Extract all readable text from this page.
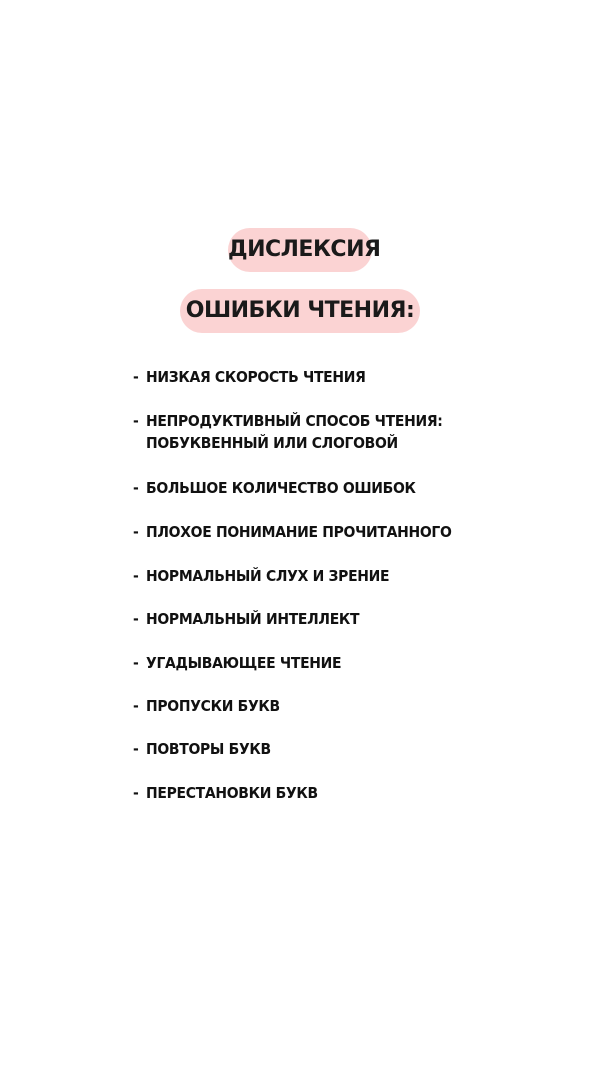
ДИСЛЕКСИЯ
ОШИБКИ ЧТЕНИЯ:
- НИЗКАЯ СКОРОСТЬ ЧТЕНИЯ
- НЕПРОДУКТИВНЫЙ СПОСОБ ЧТЕНИЯ:
ПОБУКВЕННЫЙ ИЛИ СЛОГОВОЙ
- БОЛЬШОЕ КОЛИЧЕСТВО ОШИБОК
- ПЛОХОЕ ПОНИМАНИЕ ПРОЧИТАННОГО
- НОРМАЛЬНЫЙ СЛУХ И ЗРЕНИЕ
- НОРМАЛЬНЫЙ ИНТЕЛЛЕКТ
- УГАДЫВАЮЩЕЕ ЧТЕНИЕ
- ПРОПУСКИ БУКВ
- ПОВТОРЫ БУКВ
- ПЕРЕСТАНОВКИ БУКВ
